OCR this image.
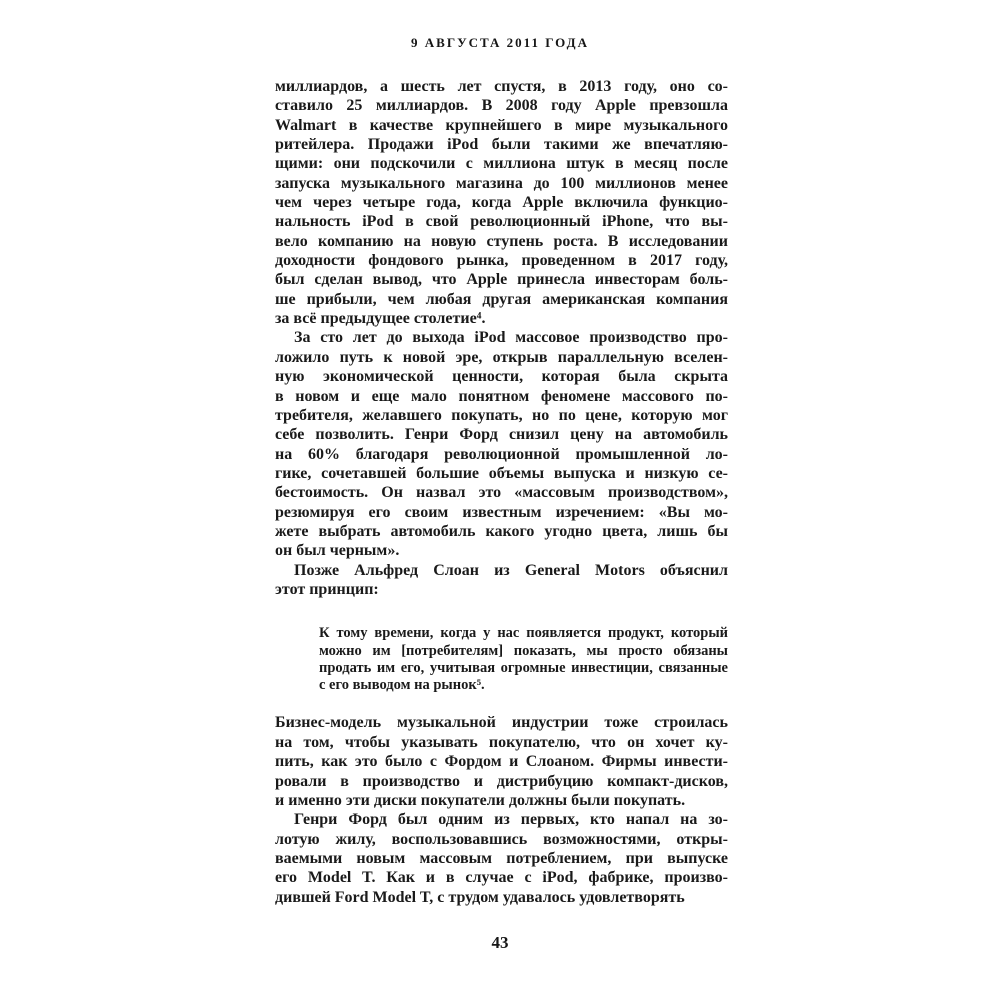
9 АВГУСТА 2011 ГОДА
миллиардов, а шесть лет спустя, в 2013 году, оно со-
ставило 25 миллиардов. В 2008 году Apple превзошла
Walmart в качестве крупнейшего в мире музыкального
ритейлера. Продажи iPod были такими же впечатляю-
щими: они подскочили с миллиона штук в месяц после
запуска музыкального магазина до 100 миллионов менее
чем через четыре года, когда Apple включила функцио-
нальность iPod в свой революционный iPhone, что вы-
вело компанию на новую ступень роста. В исследовании
доходности фондового рынка, проведенном в 2017 году,
был сделан вывод, что Apple принесла инвесторам боль-
ше прибыли, чем любая другая американская компания
за всё предыдущее столетие⁴.
За сто лет до выхода iPod массовое производство про-
ложило путь к новой эре, открыв параллельную вселен-
ную экономической ценности, которая была скрыта
в новом и еще мало понятном феномене массового по-
требителя, желавшего покупать, но по цене, которую мог
себе позволить. Генри Форд снизил цену на автомобиль
на 60% благодаря революционной промышленной ло-
гике, сочетавшей большие объемы выпуска и низкую се-
бестоимость. Он назвал это «массовым производством»,
резюмируя его своим известным изречением: «Вы мо-
жете выбрать автомобиль какого угодно цвета, лишь бы
он был черным».
Позже Альфред Слоан из General Motors объяснил
этот принцип:
К тому времени, когда у нас появляется продукт, который
можно им [потребителям] показать, мы просто обязаны
продать им его, учитывая огромные инвестиции, связанные
с его выводом на рынок⁵.
Бизнес-модель музыкальной индустрии тоже строилась
на том, чтобы указывать покупателю, что он хочет ку-
пить, как это было с Фордом и Слоаном. Фирмы инвести-
ровали в производство и дистрибуцию компакт-дисков,
и именно эти диски покупатели должны были покупать.
Генри Форд был одним из первых, кто напал на зо-
лотую жилу, воспользовавшись возможностями, откры-
ваемыми новым массовым потреблением, при выпуске
его Model T. Как и в случае с iPod, фабрике, произво-
дившей Ford Model T, с трудом удавалось удовлетворять
43
